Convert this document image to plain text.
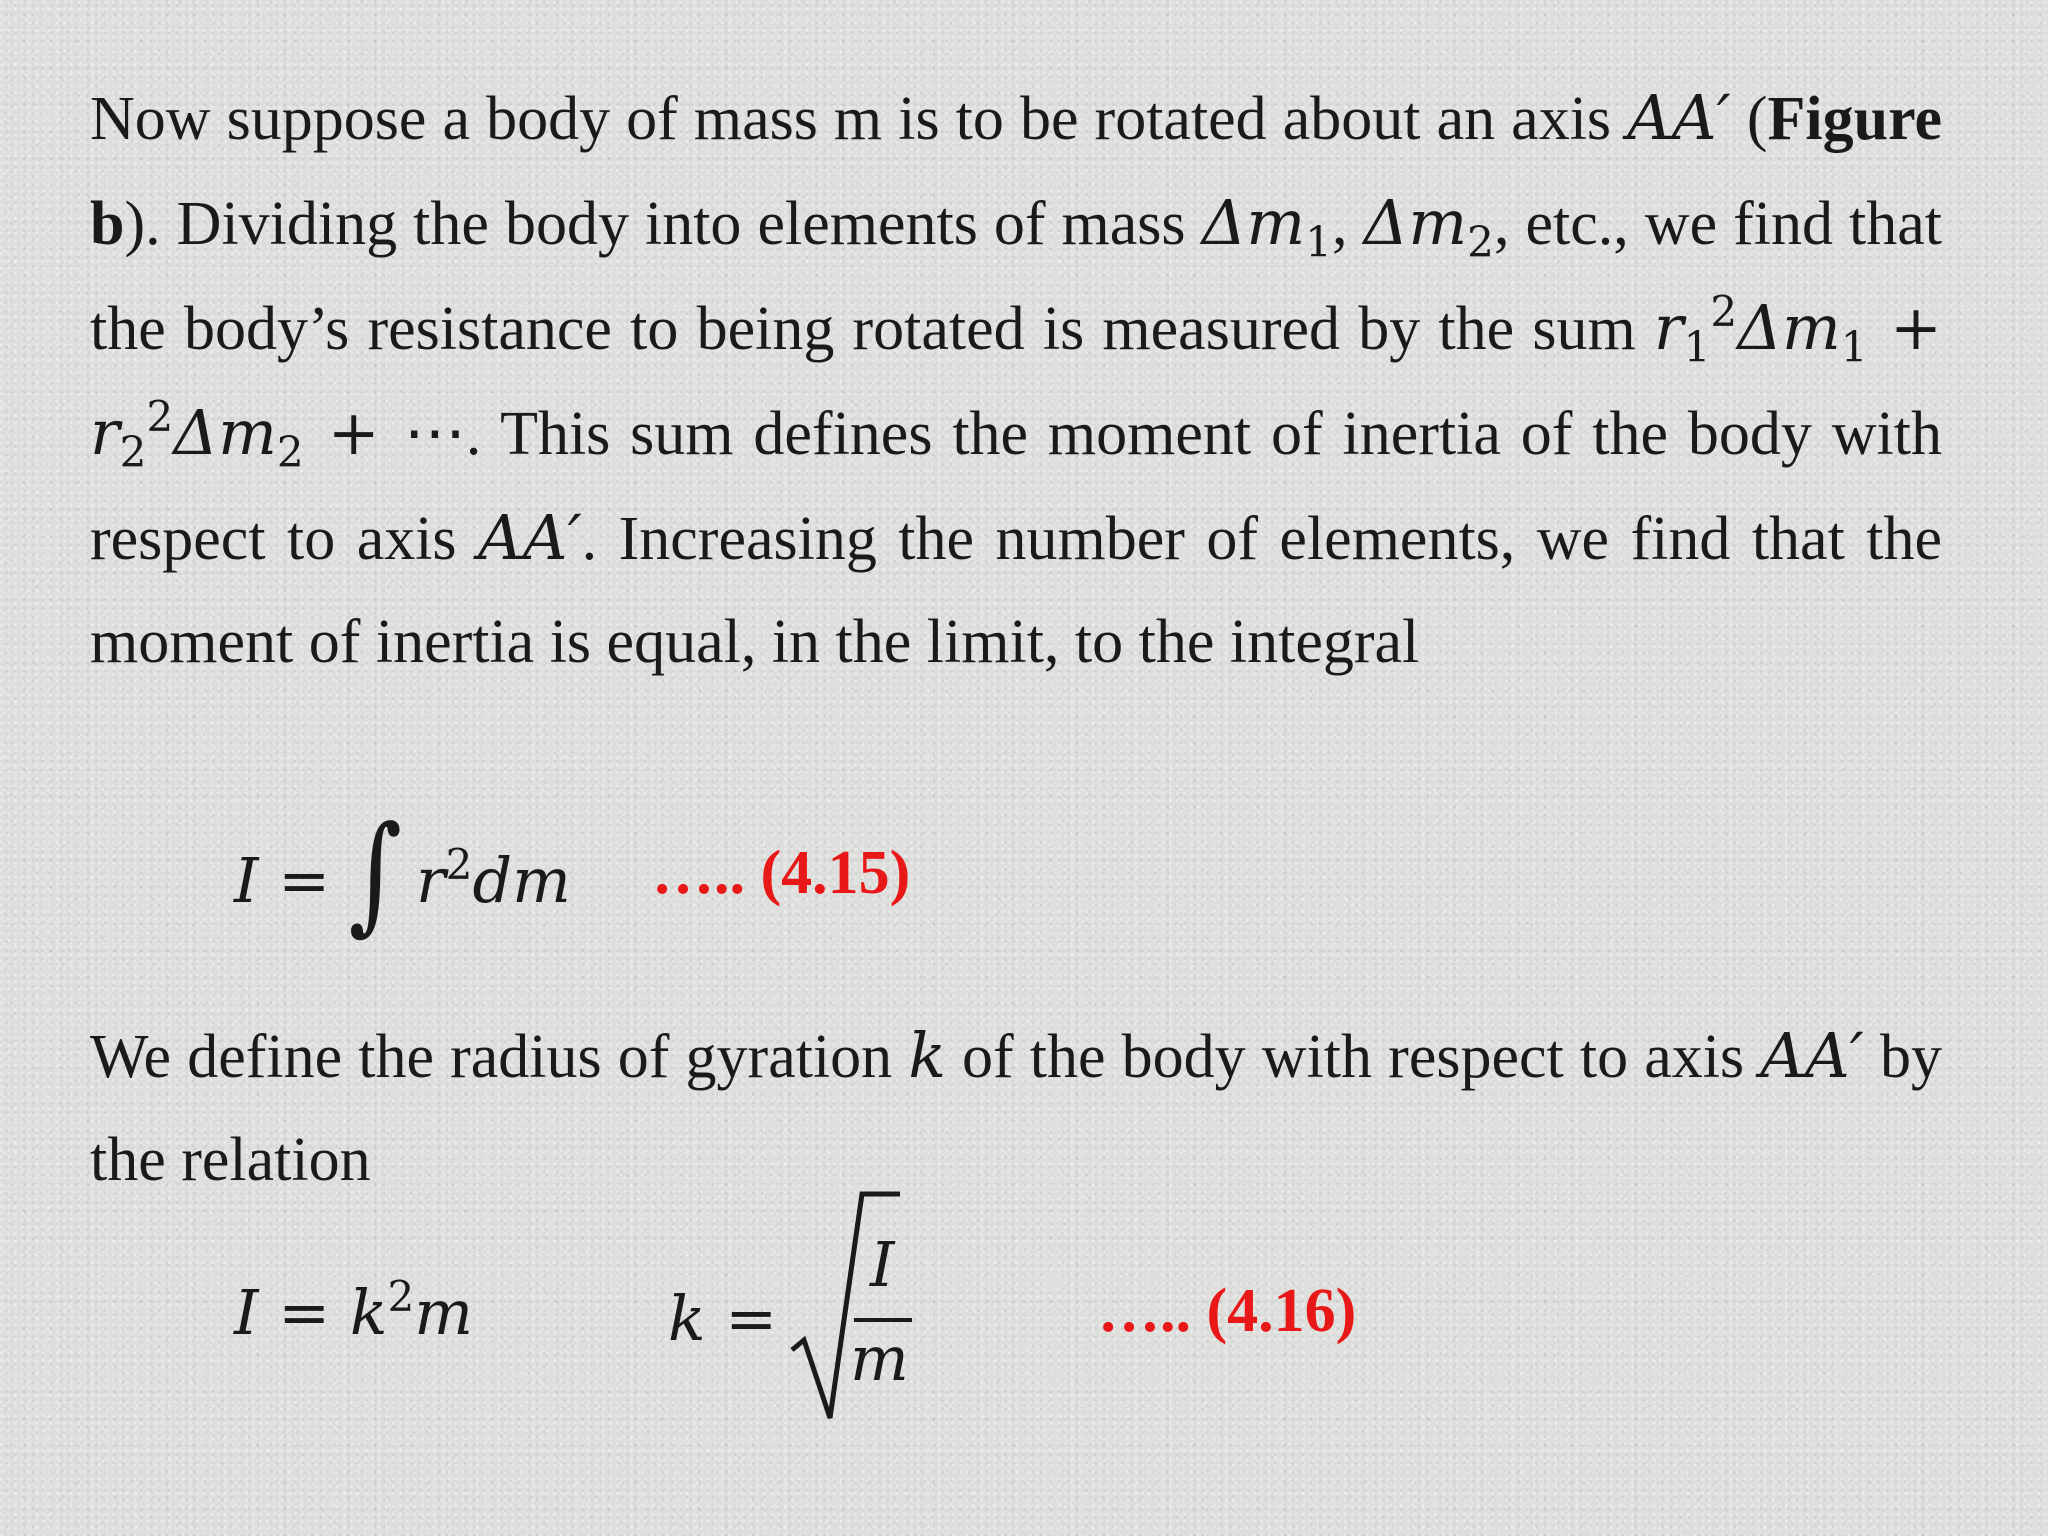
Now suppose a body of mass m is to be rotated about an axis AA′ (Figure b). Dividing the body into elements of mass $\Delta m_1$, $\Delta m_2$, etc., we find that the body’s resistance to being rotated is measured by the sum $r_1^2\Delta m_1 + r_2^2\Delta m_2$ + ⋯. This sum defines the moment of inertia of the body with respect to axis AA′. Increasing the number of elements, we find that the moment of inertia is equal, in the limit, to the integral
I = ∫ $r^2dm$ ….. (4.15)
We define the radius of gyration k of the body with respect to axis AA′ by the relation
$I = k^2m$	k =
I
m
….. (4.16)
